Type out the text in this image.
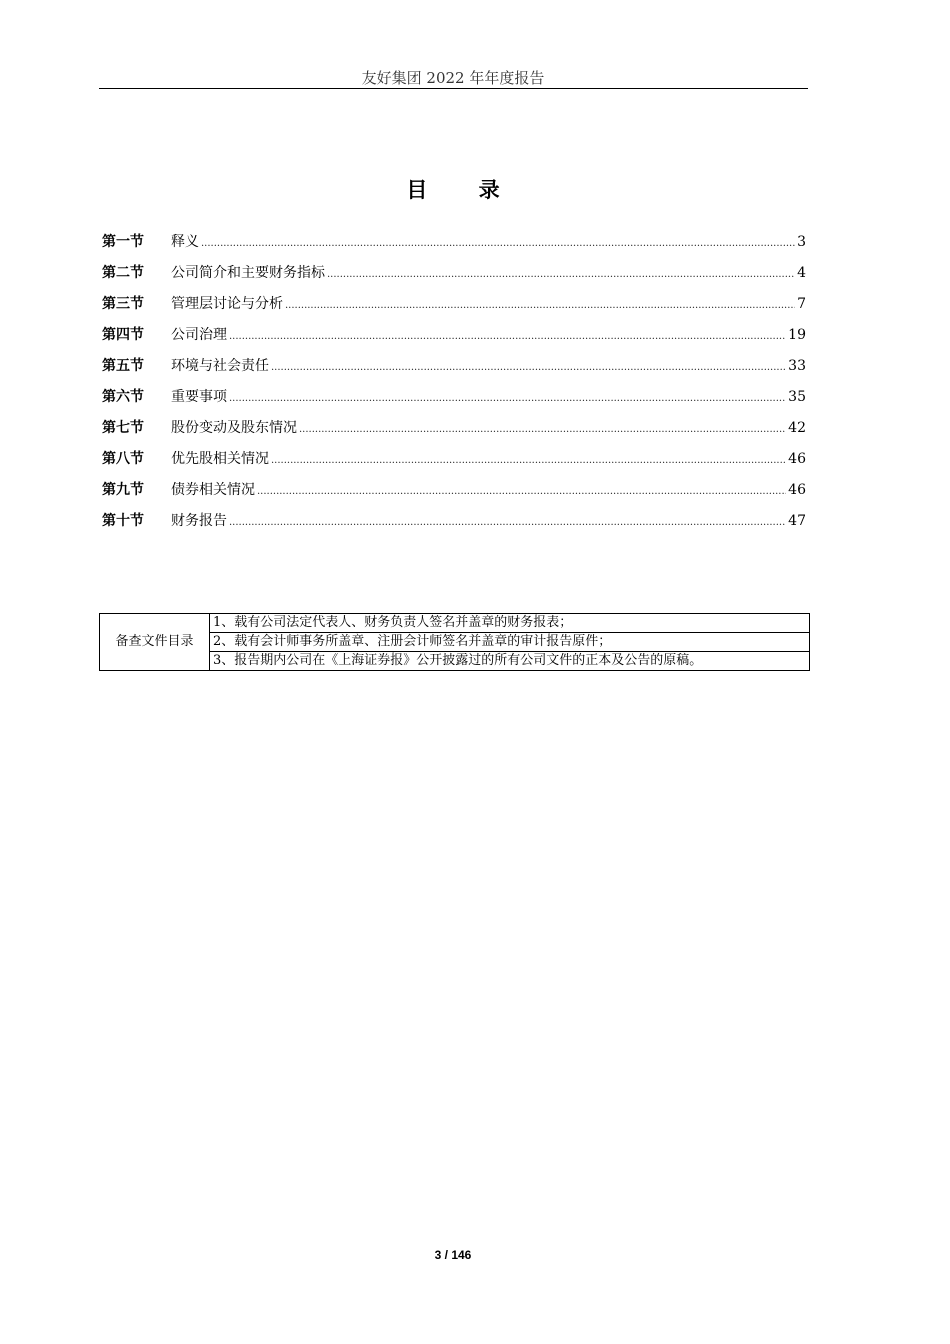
友好集团 2022 年年度报告
目 录
第一节	释义 .....	3
第二节	公司简介和主要财务指标 .....	4
第三节	管理层讨论与分析 .....	7
第四节	公司治理 .....	19
第五节	环境与社会责任 .....	33
第六节	重要事项 .....	35
第七节	股份变动及股东情况 .....	42
第八节	优先股相关情况 .....	46
第九节	债券相关情况 .....	46
第十节	财务报告 .....	47
备查文件目录	1、载有公司法定代表人、财务负责人签名并盖章的财务报表；
2、载有会计师事务所盖章、注册会计师签名并盖章的审计报告原件；
3、报告期内公司在《上海证券报》公开披露过的所有公司文件的正本及公告的原稿。
3 / 146
